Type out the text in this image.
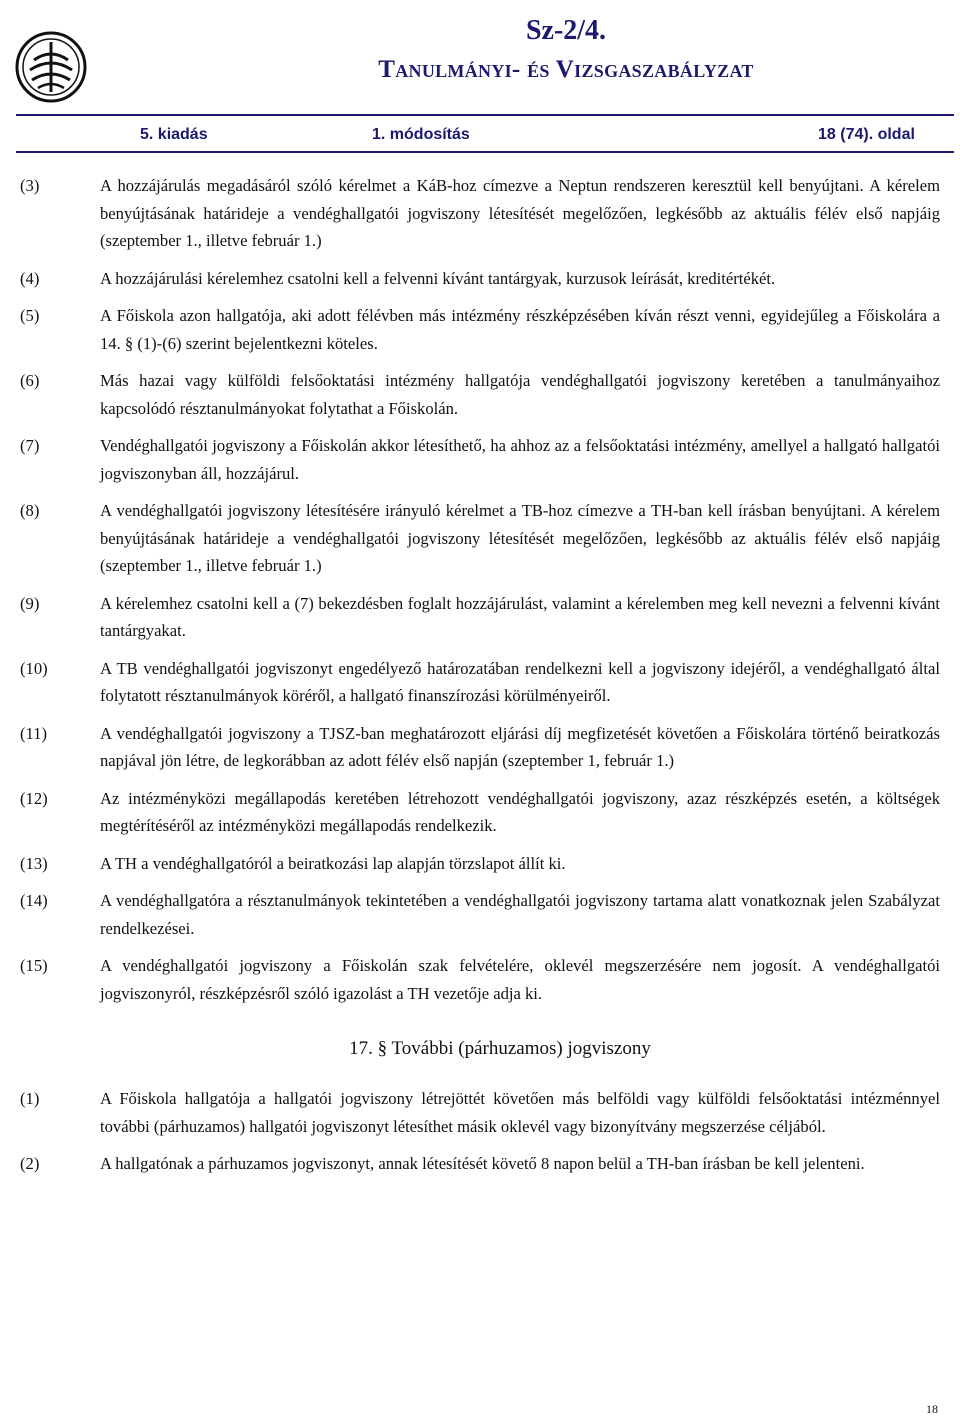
Sz-2/4.
Tanulmányi- és Vizsgaszabályzat
5. kiadás	1. módosítás	18 (74). oldal
(3)	A hozzájárulás megadásáról szóló kérelmet a KáB-hoz címezve a Neptun rendszeren keresztül kell benyújtani. A kérelem benyújtásának határideje a vendéghallgatói jogviszony létesítését megelőzően, legkésőbb az aktuális félév első napjáig (szeptember 1., illetve február 1.)
(4)	A hozzájárulási kérelemhez csatolni kell a felvenni kívánt tantárgyak, kurzusok leírását, kreditértékét.
(5)	A Főiskola azon hallgatója, aki adott félévben más intézmény részképzésében kíván részt venni, egyidejűleg a Főiskolára a 14. § (1)-(6) szerint bejelentkezni köteles.
(6)	Más hazai vagy külföldi felsőoktatási intézmény hallgatója vendéghallgatói jogviszony keretében a tanulmányaihoz kapcsolódó résztanulmányokat folytathat a Főiskolán.
(7)	Vendéghallgatói jogviszony a Főiskolán akkor létesíthető, ha ahhoz az a felsőoktatási intézmény, amellyel a hallgató hallgatói jogviszonyban áll, hozzájárul.
(8)	A vendéghallgatói jogviszony létesítésére irányuló kérelmet a TB-hoz címezve a TH-ban kell írásban benyújtani. A kérelem benyújtásának határideje a vendéghallgatói jogviszony létesítését megelőzően, legkésőbb az aktuális félév első napjáig (szeptember 1., illetve február 1.)
(9)	A kérelemhez csatolni kell a (7) bekezdésben foglalt hozzájárulást, valamint a kérelemben meg kell nevezni a felvenni kívánt tantárgyakat.
(10)	A TB vendéghallgatói jogviszonyt engedélyező határozatában rendelkezni kell a jogviszony idejéről, a vendéghallgató által folytatott résztanulmányok köréről, a hallgató finanszírozási körülményeiről.
(11)	A vendéghallgatói jogviszony a TJSZ-ban meghatározott eljárási díj megfizetését követően a Főiskolára történő beiratkozás napjával jön létre, de legkorábban az adott félév első napján (szeptember 1, február 1.)
(12)	Az intézményközi megállapodás keretében létrehozott vendéghallgatói jogviszony, azaz részképzés esetén, a költségek megtérítéséről az intézményközi megállapodás rendelkezik.
(13)	A TH a vendéghallgatóról a beiratkozási lap alapján törzslapot állít ki.
(14)	A vendéghallgatóra a résztanulmányok tekintetében a vendéghallgatói jogviszony tartama alatt vonatkoznak jelen Szabályzat rendelkezései.
(15)	A vendéghallgatói jogviszony a Főiskolán szak felvételére, oklevél megszerzésére nem jogosít. A vendéghallgatói jogviszonyról, részképzésről szóló igazolást a TH vezetője adja ki.
17. § További (párhuzamos) jogviszony
(1)	A Főiskola hallgatója a hallgatói jogviszony létrejöttét követően más belföldi vagy külföldi felsőoktatási intézménnyel további (párhuzamos) hallgatói jogviszonyt létesíthet másik oklevél vagy bizonyítvány megszerzése céljából.
(2)	A hallgatónak a párhuzamos jogviszonyt, annak létesítését követő 8 napon belül a TH-ban írásban be kell jelenteni.
18
